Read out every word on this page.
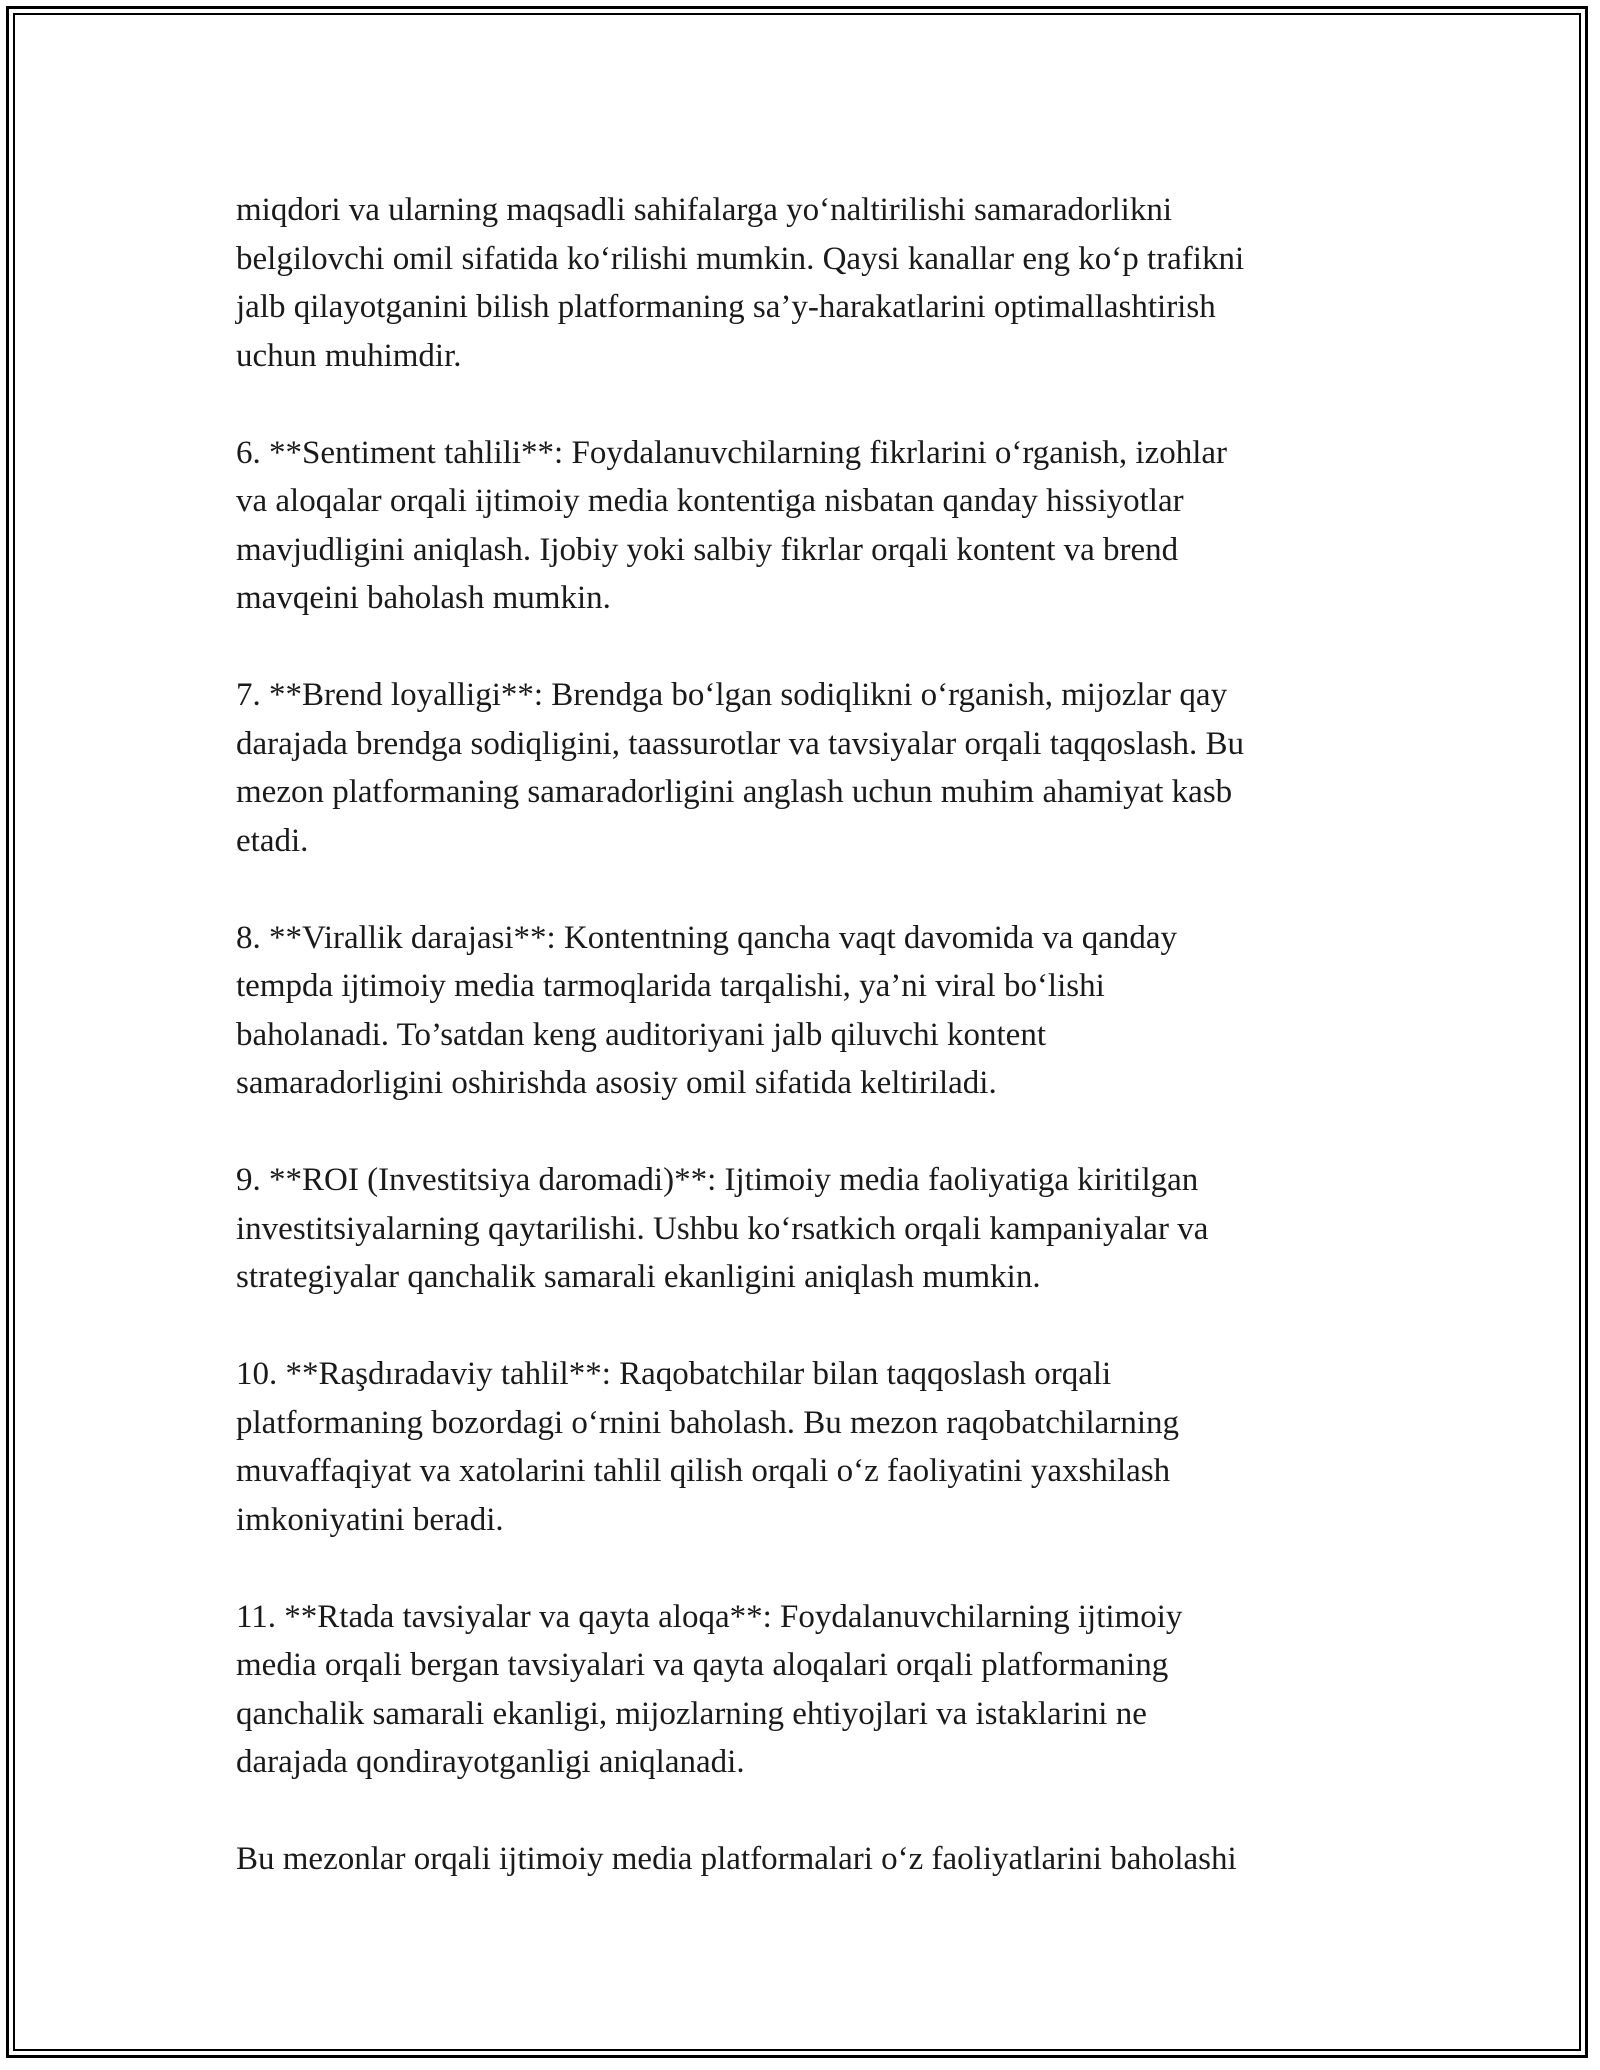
miqdori va ularning maqsadli sahifalarga yo‘naltirilishi samaradorlikni
belgilovchi omil sifatida ko‘rilishi mumkin. Qaysi kanallar eng ko‘p trafikni
jalb qilayotganini bilish platformaning sa’y-harakatlarini optimallashtirish
uchun muhimdir.

6. **Sentiment tahlili**: Foydalanuvchilarning fikrlarini o‘rganish, izohlar
va aloqalar orqali ijtimoiy media kontentiga nisbatan qanday hissiyotlar
mavjudligini aniqlash. Ijobiy yoki salbiy fikrlar orqali kontent va brend
mavqeini baholash mumkin.

7. **Brend loyalligi**: Brendga bo‘lgan sodiqlikni o‘rganish, mijozlar qay
darajada brendga sodiqligini, taassurotlar va tavsiyalar orqali taqqoslash. Bu
mezon platformaning samaradorligini anglash uchun muhim ahamiyat kasb
etadi.

8. **Virallik darajasi**: Kontentning qancha vaqt davomida va qanday
tempda ijtimoiy media tarmoqlarida tarqalishi, ya’ni viral bo‘lishi
baholanadi. To’satdan keng auditoriyani jalb qiluvchi kontent
samaradorligini oshirishda asosiy omil sifatida keltiriladi.

9. **ROI (Investitsiya daromadi)**: Ijtimoiy media faoliyatiga kiritilgan
investitsiyalarning qaytarilishi. Ushbu ko‘rsatkich orqali kampaniyalar va
strategiyalar qanchalik samarali ekanligini aniqlash mumkin.

10. **Raşdıradaviy tahlil**: Raqobatchilar bilan taqqoslash orqali
platformaning bozordagi o‘rnini baholash. Bu mezon raqobatchilarning
muvaffaqiyat va xatolarini tahlil qilish orqali o‘z faoliyatini yaxshilash
imkoniyatini beradi.

11. **Rtada tavsiyalar va qayta aloqa**: Foydalanuvchilarning ijtimoiy
media orqali bergan tavsiyalari va qayta aloqalari orqali platformaning
qanchalik samarali ekanligi, mijozlarning ehtiyojlari va istaklarini ne
darajada qondirayotganligi aniqlanadi.

Bu mezonlar orqali ijtimoiy media platformalari o‘z faoliyatlarini baholashi
